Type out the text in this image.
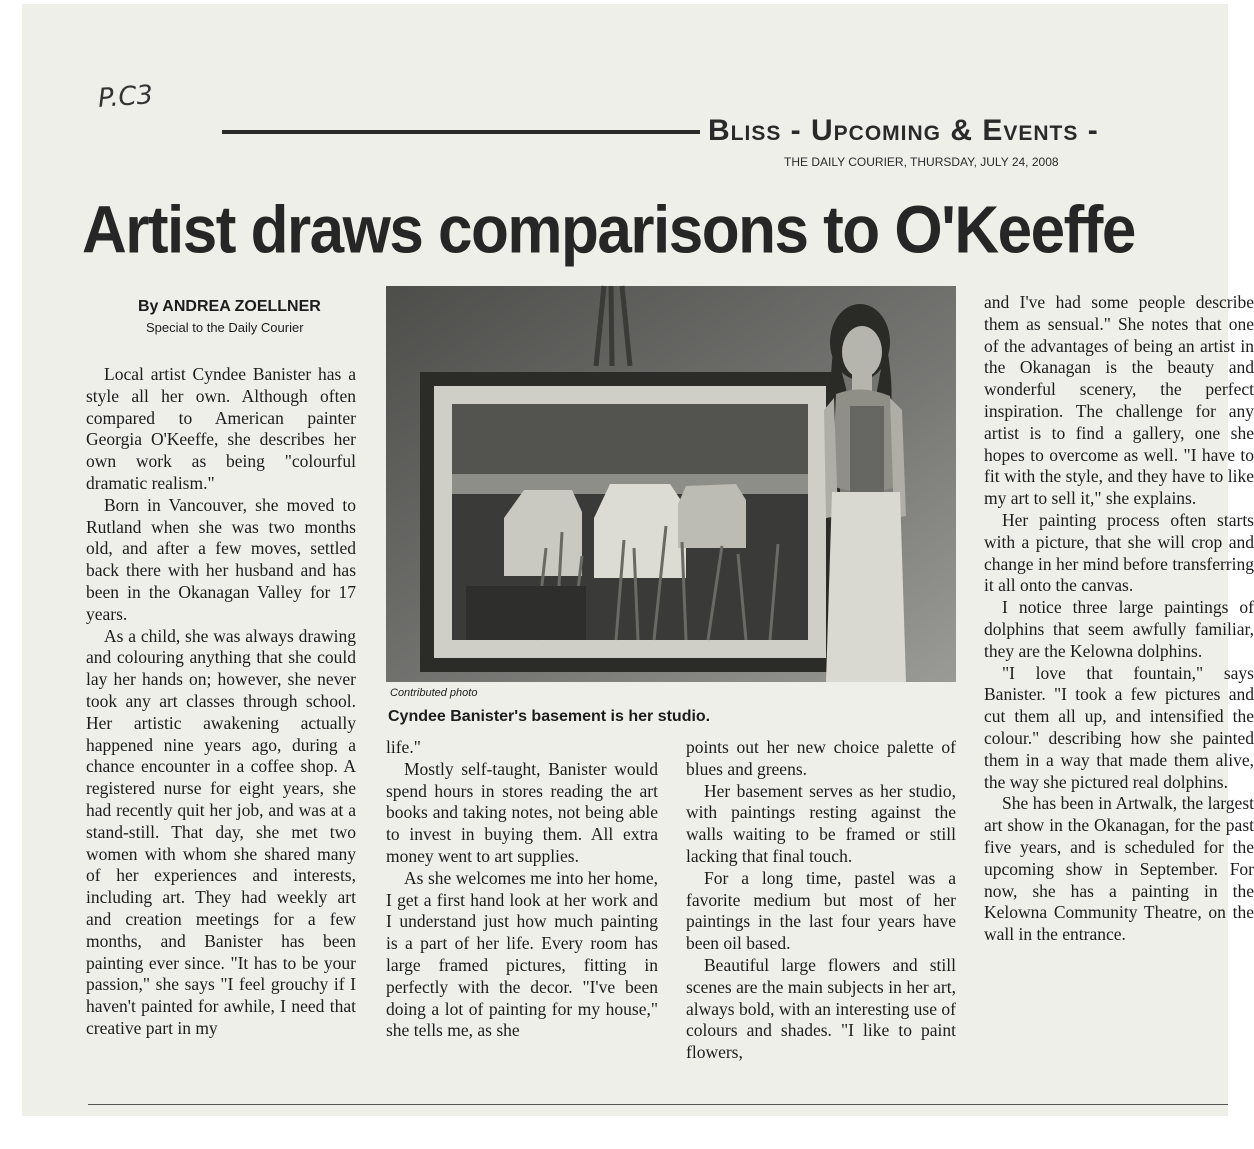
P.C3
Bliss - Upcoming & Events -
THE DAILY COURIER, THURSDAY, JULY 24, 2008
Artist draws comparisons to O'Keeffe
By ANDREA ZOELLNER
Special to the Daily Courier

Local artist Cyndee Banister has a style all her own. Although often compared to American painter Georgia O'Keeffe, she describes her own work as being "colourful dramatic realism."

Born in Vancouver, she moved to Rutland when she was two months old, and after a few moves, settled back there with her husband and has been in the Okanagan Valley for 17 years.

As a child, she was always drawing and colouring anything that she could lay her hands on; however, she never took any art classes through school. Her artistic awakening actually happened nine years ago, during a chance encounter in a coffee shop. A registered nurse for eight years, she had recently quit her job, and was at a stand-still. That day, she met two women with whom she shared many of her experiences and interests, including art. They had weekly art and creation meetings for a few months, and Banister has been painting ever since. "It has to be your passion," she says "I feel grouchy if I haven't painted for awhile, I need that creative part in my

Contributed photo
Cyndee Banister's basement is her studio.

life."

Mostly self-taught, Banister would spend hours in stores reading the art books and taking notes, not being able to invest in buying them. All extra money went to art supplies.

As she welcomes me into her home, I get a first hand look at her work and I understand just how much painting is a part of her life. Every room has large framed pictures, fitting in perfectly with the decor. "I've been doing a lot of painting for my house," she tells me, as she

points out her new choice palette of blues and greens.

Her basement serves as her studio, with paintings resting against the walls waiting to be framed or still lacking that final touch.

For a long time, pastel was a favorite medium but most of her paintings in the last four years have been oil based.

Beautiful large flowers and still scenes are the main subjects in her art, always bold, with an interesting use of colours and shades. "I like to paint flowers,

and I've had some people describe them as sensual." She notes that one of the advantages of being an artist in the Okanagan is the beauty and wonderful scenery, the perfect inspiration. The challenge for any artist is to find a gallery, one she hopes to overcome as well. "I have to fit with the style, and they have to like my art to sell it," she explains.

Her painting process often starts with a picture, that she will crop and change in her mind before transferring it all onto the canvas.

I notice three large paintings of dolphins that seem awfully familiar, they are the Kelowna dolphins.

"I love that fountain," says Banister. "I took a few pictures and cut them all up, and intensified the colour." describing how she painted them in a way that made them alive, the way she pictured real dolphins.

She has been in Artwalk, the largest art show in the Okanagan, for the past five years, and is scheduled for the upcoming show in September. For now, she has a painting in the Kelowna Community Theatre, on the wall in the entrance.
